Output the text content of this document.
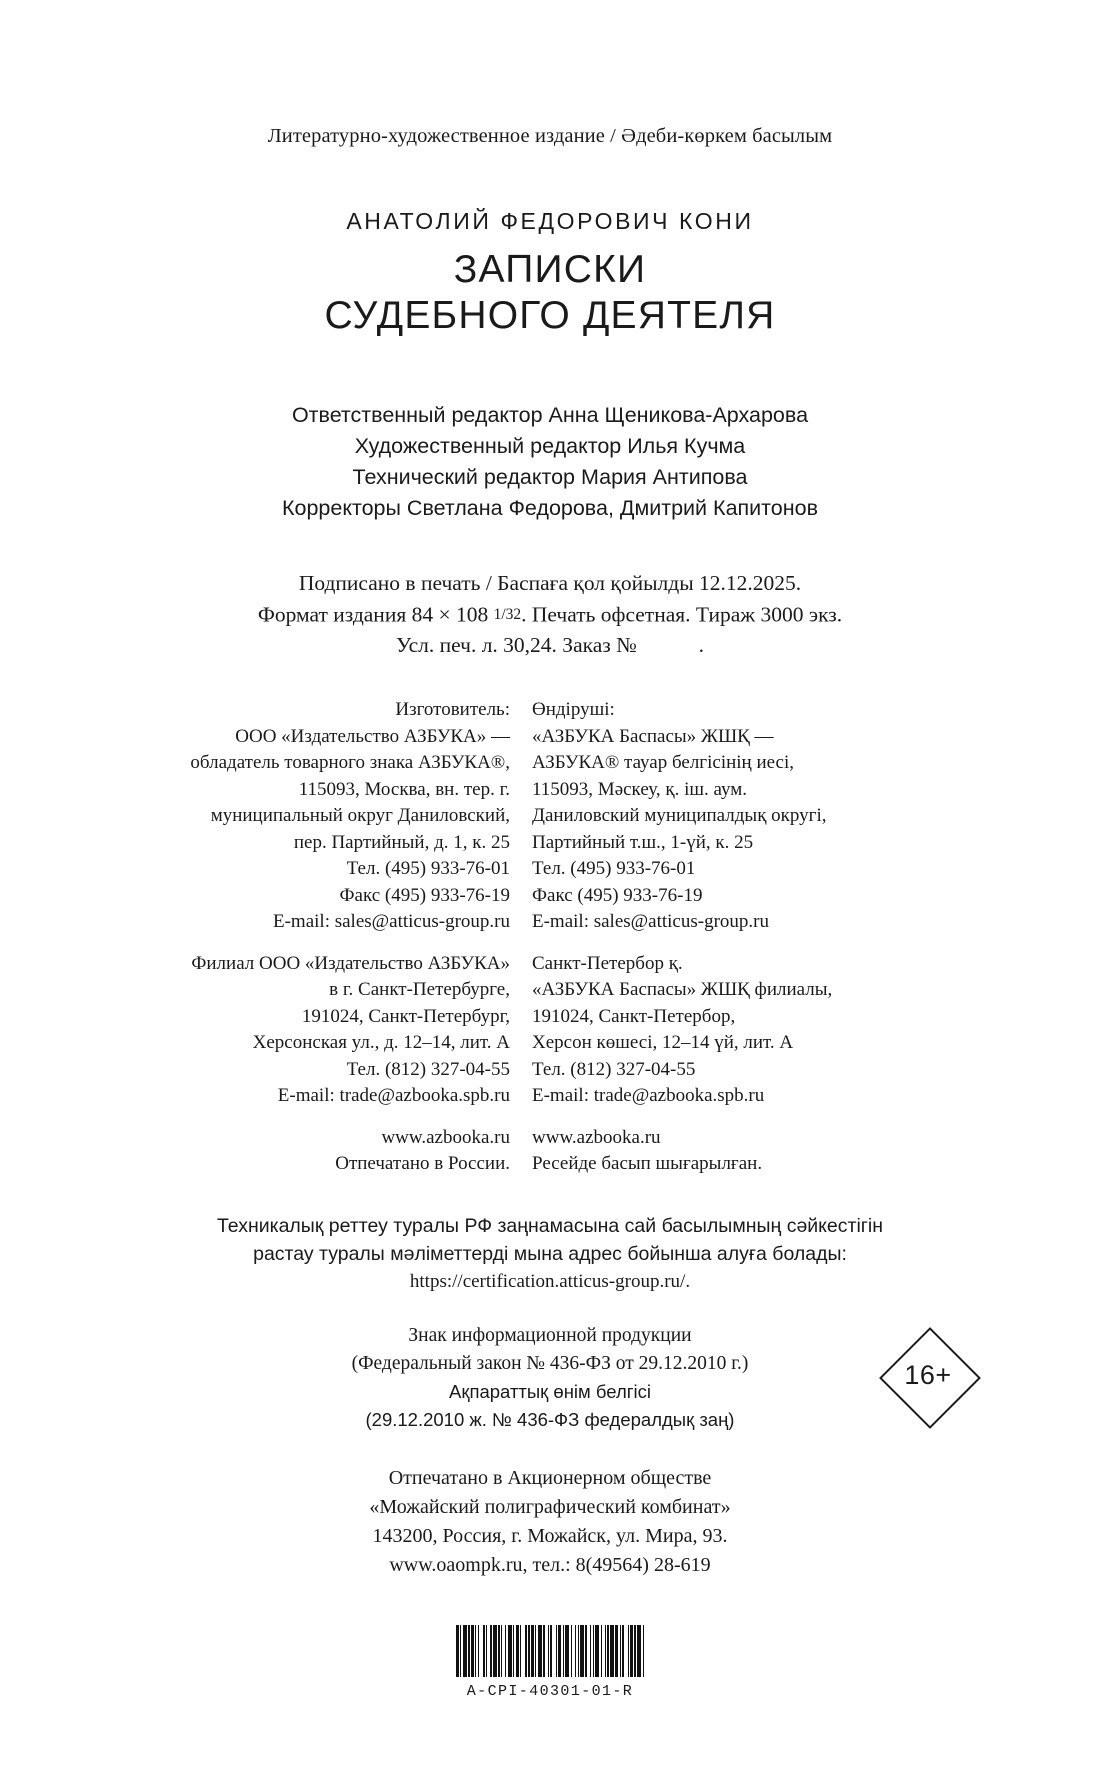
Литературно-художественное издание / Әдеби-көркем басылым
АНАТОЛИЙ ФЕДОРОВИЧ КОНИ
ЗАПИСКИ
СУДЕБНОГО ДЕЯТЕЛЯ
Ответственный редактор Анна Щеникова-Архарова
Художественный редактор Илья Кучма
Технический редактор Мария Антипова
Корректоры Светлана Федорова, Дмитрий Капитонов
Подписано в печать / Баспаға қол қойылды 12.12.2025.
Формат издания 84 × 108 1/32. Печать офсетная. Тираж 3000 экз.
Усл. печ. л. 30,24. Заказ №	.
Изготовитель:
ООО «Издательство АЗБУКА» —
обладатель товарного знака АЗБУКА®,
115093, Москва, вн. тер. г.
муниципальный округ Даниловский,
пер. Партийный, д. 1, к. 25
Тел. (495) 933-76-01
Факс (495) 933-76-19
E-mail: sales@atticus-group.ru
Филиал ООО «Издательство АЗБУКА»
в г. Санкт-Петербурге,
191024, Санкт-Петербург,
Херсонская ул., д. 12–14, лит. А
Тел. (812) 327-04-55
E-mail: trade@azbooka.spb.ru
www.azbooka.ru
Отпечатано в России.
Өндіруші:
«АЗБУКА Баспасы» ЖШҚ —
АЗБУКА® тауар белгісінің иесі,
115093, Мәскеу, қ. іш. аум.
Даниловский муниципалдық округі,
Партийный т.ш., 1-үй, к. 25
Тел. (495) 933-76-01
Факс (495) 933-76-19
E-mail: sales@atticus-group.ru
Санкт-Петербор қ.
«АЗБУКА Баспасы» ЖШҚ филиалы,
191024, Санкт-Петербор,
Херсон көшесі, 12–14 үй, лит. А
Тел. (812) 327-04-55
E-mail: trade@azbooka.spb.ru
www.azbooka.ru
Ресейде басып шығарылған.
Техникалық реттеу туралы РФ заңнамасына сай басылымның сәйкестігін
растау туралы мәліметтерді мына адрес бойынша алуға болады:
https://certification.atticus-group.ru/.
Знак информационной продукции
(Федеральный закон № 436-ФЗ от 29.12.2010 г.)
Ақпараттық өнім белгісі
(29.12.2010 ж. № 436-ФЗ федералдық заң)
16+
Отпечатано в Акционерном обществе
«Можайский полиграфический комбинат»
143200, Россия, г. Можайск, ул. Мира, 93.
www.oaompk.ru, тел.: 8(49564) 28-619
A-CPI-40301-01-R
